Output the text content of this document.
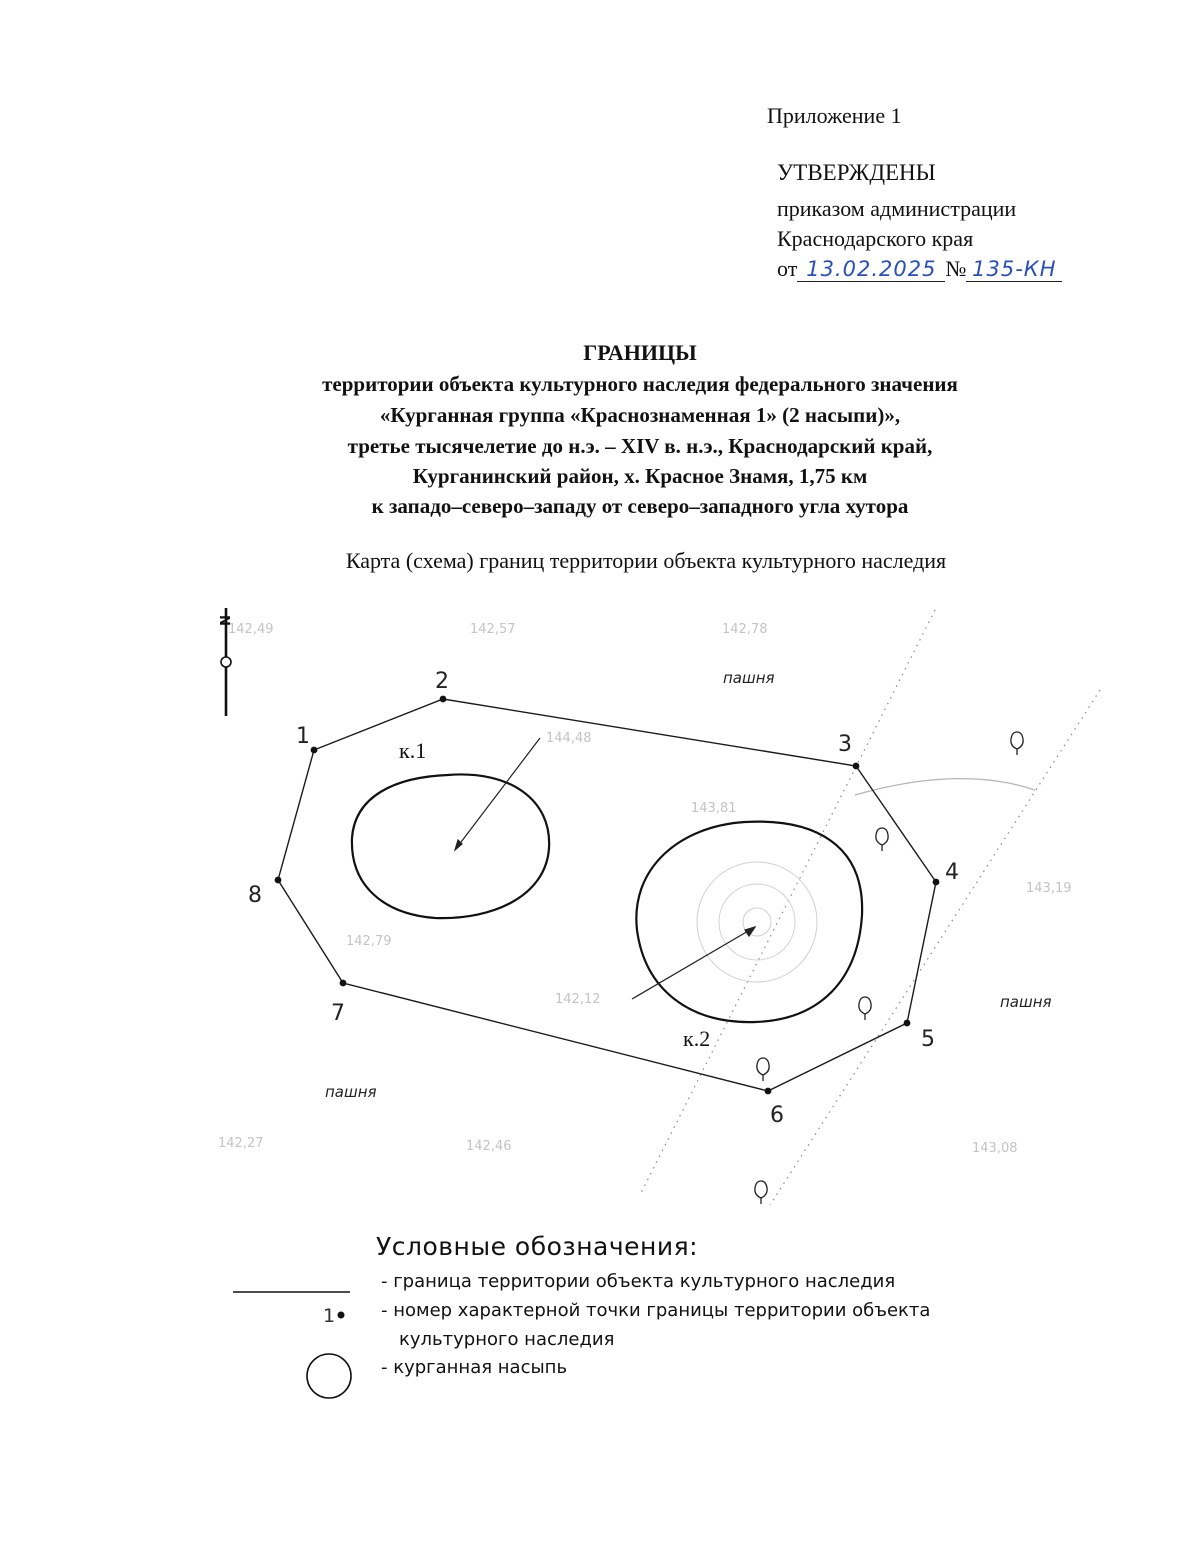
Приложение 1
УТВЕРЖДЕНЫ
приказом администрации
Краснодарского края
от 13.02.2025 № 135-КН
ГРАНИЦЫ
территории объекта культурного наследия федерального значения
«Курганная группа «Краснознаменная 1» (2 насыпи)»,
третье тысячелетие до н.э. – XIV в. н.э., Краснодарский край,
Курганинский район, х. Красное Знамя, 1,75 км
к западо–северо–западу от северо–западного угла хутора
Карта (схема) границ территории объекта культурного наследия
1
2
3
4
5
6
7
8
к.1
к.2
пашня
пашня
пашня
142,49	142,57	142,78
144,48
143,81
143,19
142,79
142,12
142,27	142,46	143,08
N
Условные обозначения:
1
- граница территории объекта культурного наследия
- номер характерной точки границы территории объекта
культурного наследия
- курганная насыпь
